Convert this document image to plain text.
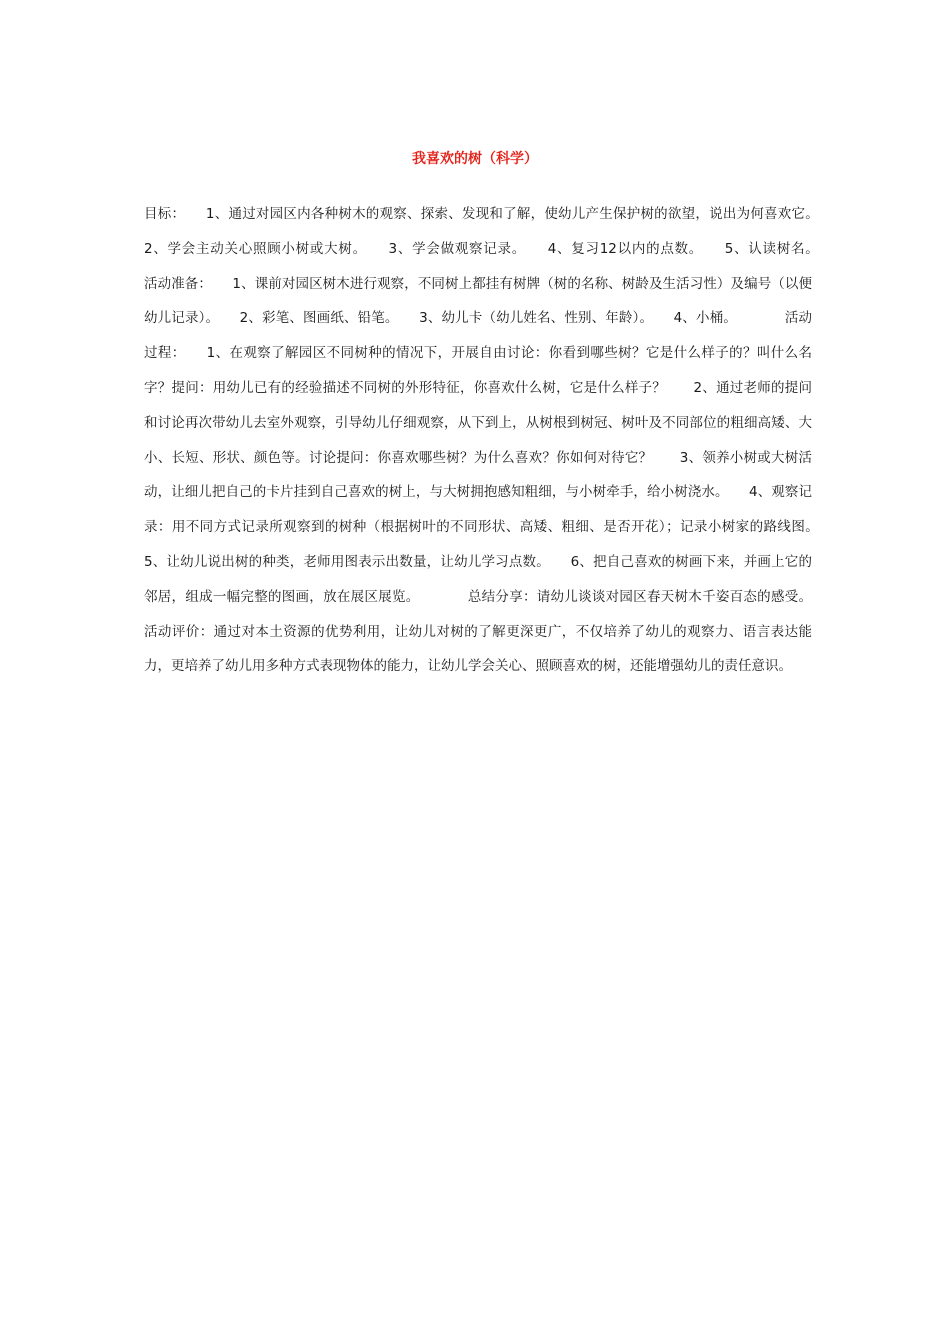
我喜欢的树（科学）
目标：　　1、通过对园区内各种树木的观察、探索、发现和了解，使幼儿产生保护树的欲望，说出为何喜欢它。　　2、学会主动关心照顾小树或大树。　　3、学会做观察记录。　　4、复习12以内的点数。　　5、认读树名。　　活动准备：　　1、课前对园区树木进行观察，不同树上都挂有树牌（树的名称、树龄及生活习性）及编号（以便幼儿记录）。　　2、彩笔、图画纸、铅笔。　　3、幼儿卡（幼儿姓名、性别、年龄）。　　4、小桶。　　　　活动过程：　　1、在观察了解园区不同树种的情况下，开展自由讨论：你看到哪些树？它是什么样子的？叫什么名字？提问：用幼儿已有的经验描述不同树的外形特征，你喜欢什么树，它是什么样子？　　2、通过老师的提问和讨论再次带幼儿去室外观察，引导幼儿仔细观察，从下到上，从树根到树冠、树叶及不同部位的粗细高矮、大小、长短、形状、颜色等。讨论提问：你喜欢哪些树？为什么喜欢？你如何对待它？　　3、领养小树或大树活动，让细儿把自己的卡片挂到自己喜欢的树上，与大树拥抱感知粗细，与小树牵手，给小树浇水。　　4、观察记录：用不同方式记录所观察到的树种（根据树叶的不同形状、高矮、粗细、是否开花）；记录小树家的路线图。　　5、让幼儿说出树的种类，老师用图表示出数量，让幼儿学习点数。　　6、把自己喜欢的树画下来，并画上它的邻居，组成一幅完整的图画，放在展区展览。　　　　总结分享：请幼儿谈谈对园区春天树木千姿百态的感受。活动评价：通过对本土资源的优势利用，让幼儿对树的了解更深更广，不仅培养了幼儿的观察力、语言表达能力，更培养了幼儿用多种方式表现物体的能力，让幼儿学会关心、照顾喜欢的树，还能增强幼儿的责任意识。
